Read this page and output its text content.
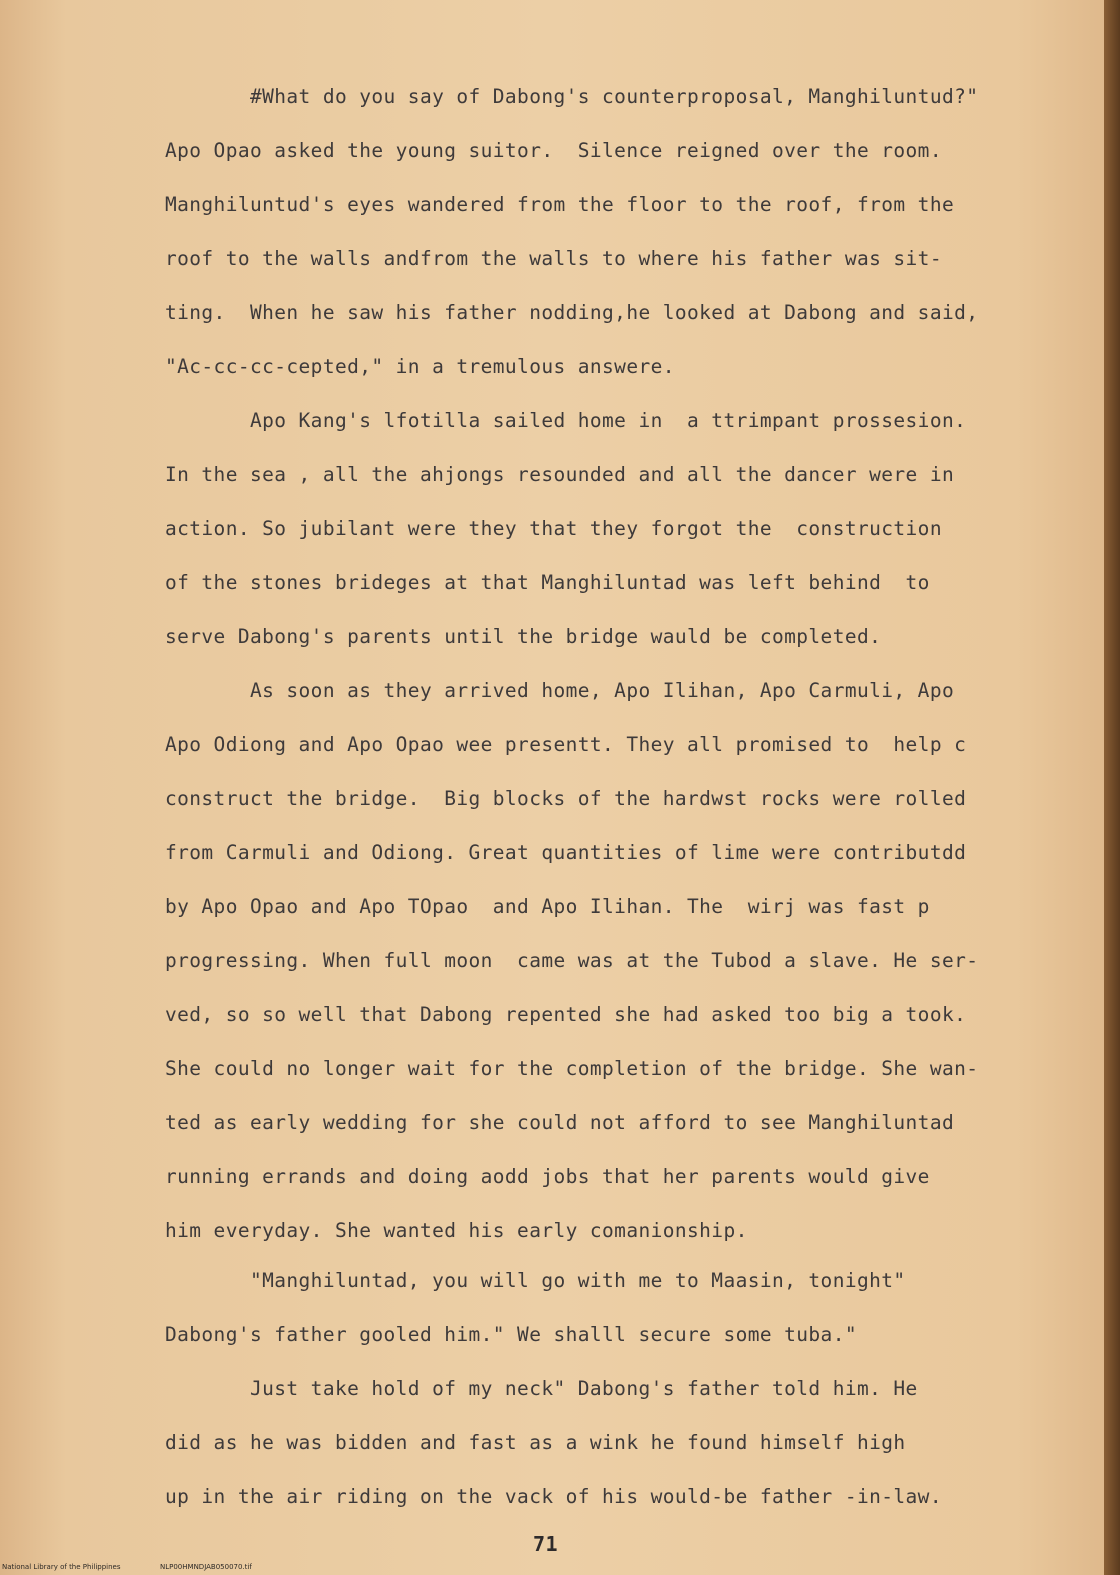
#What do you say of Dabong's counterproposal, Manghiluntud?"
Apo Opao asked the young suitor.  Silence reigned over the room.
Manghiluntud's eyes wandered from the floor to the roof, from the
roof to the walls andfrom the walls to where his father was sit-
ting.  When he saw his father nodding,he looked at Dabong and said,
"Ac-cc-cc-cepted," in a tremulous answere.
Apo Kang's lfotilla sailed home in  a ttrimpant prossesion.
In the sea , all the ahjongs resounded and all the dancer were in
action. So jubilant were they that they forgot the  construction
of the stones brideges at that Manghiluntad was left behind  to
serve Dabong's parents until the bridge wauld be completed.
As soon as they arrived home, Apo Ilihan, Apo Carmuli, Apo
Apo Odiong and Apo Opao wee presentt. They all promised to  help c
construct the bridge.  Big blocks of the hardwst rocks were rolled
from Carmuli and Odiong. Great quantities of lime were contributdd
by Apo Opao and Apo TOpao  and Apo Ilihan. The  wirj was fast p
progressing. When full moon  came was at the Tubod a slave. He ser-
ved, so so well that Dabong repented she had asked too big a took.
She could no longer wait for the completion of the bridge. She wan-
ted as early wedding for she could not afford to see Manghiluntad
running errands and doing aodd jobs that her parents would give
him everyday. She wanted his early comanionship.
"Manghiluntad, you will go with me to Maasin, tonight"
Dabong's father gooled him." We shalll secure some tuba."
Just take hold of my neck" Dabong's father told him. He
did as he was bidden and fast as a wink he found himself high
up in the air riding on the vack of his would-be father -in-law.
71
National Library of the Philippines	NLP00HMNDJAB050070.tif
